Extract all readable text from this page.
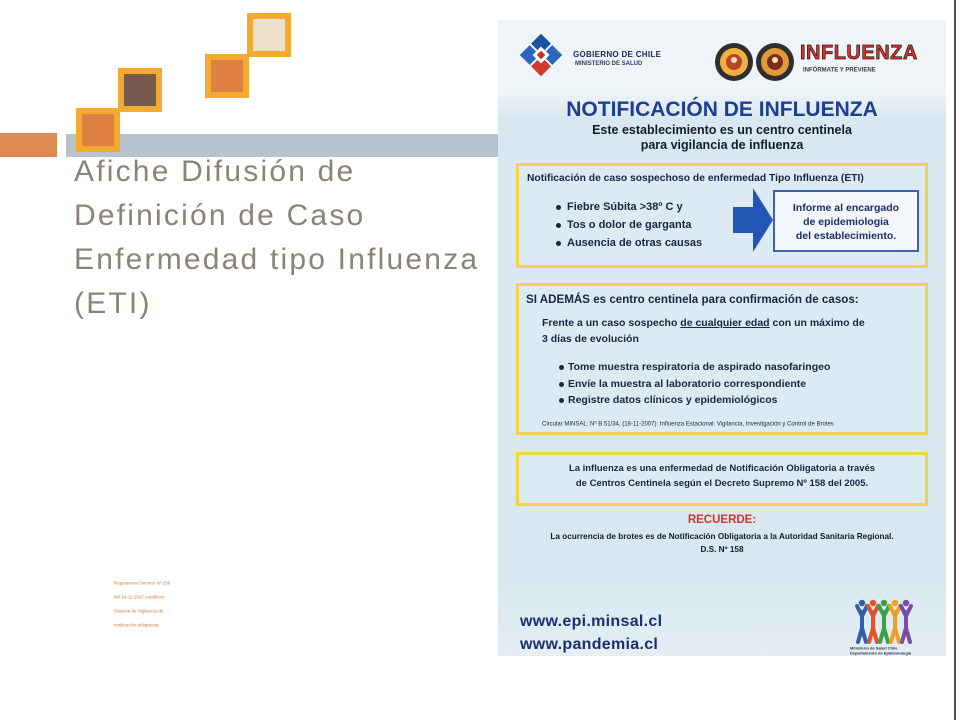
Afiche Difusión de
Definición de Caso
Enfermedad tipo Influenza
(ETI)
Reglamento Decreto Nº 158
del 18-11-2007 establece
Sistema de Vigilancia de
notificación obligatoria
GOBIERNO DE CHILE
MINISTERIO DE SALUD	INFLUENZA
INFÓRMATE Y PREVIENE
NOTIFICACIÓN DE INFLUENZA
Este establecimiento es un centro centinela
para vigilancia de influenza
Notificación de caso sospechoso de enfermedad Tipo Influenza (ETI)
Fiebre Súbita >38º C y
Tos o dolor de garganta
Ausencia de otras causas
Informe al encargado
de epidemiologia
del establecimiento.
SI ADEMÁS es centro centinela para confirmación de casos:
Frente a un caso sospecho de cualquier edad con un máximo de
3 días de evolución
Tome muestra respiratoria de aspirado nasofaringeo
Envíe la muestra al laboratorio correspondiente
Registre datos clínicos y epidemiológicos
Circular MINSAL: Nº B 51/34, (18-11-2007): Influenza Estacional: Vigilancia, Investigación y Control de Brotes
La influenza es una enfermedad de Notificación Obligatoria a través
de Centros Centinela según el Decreto Supremo Nº 158 del 2005.
RECUERDE:
La ocurrencia de brotes es de Notificación Obligatoria a la Autoridad Sanitaria Regional.
D.S. Nº 158
www.epi.minsal.cl
www.pandemia.cl	Ministerio de Salud Chile
Departamento de Epidemiología
